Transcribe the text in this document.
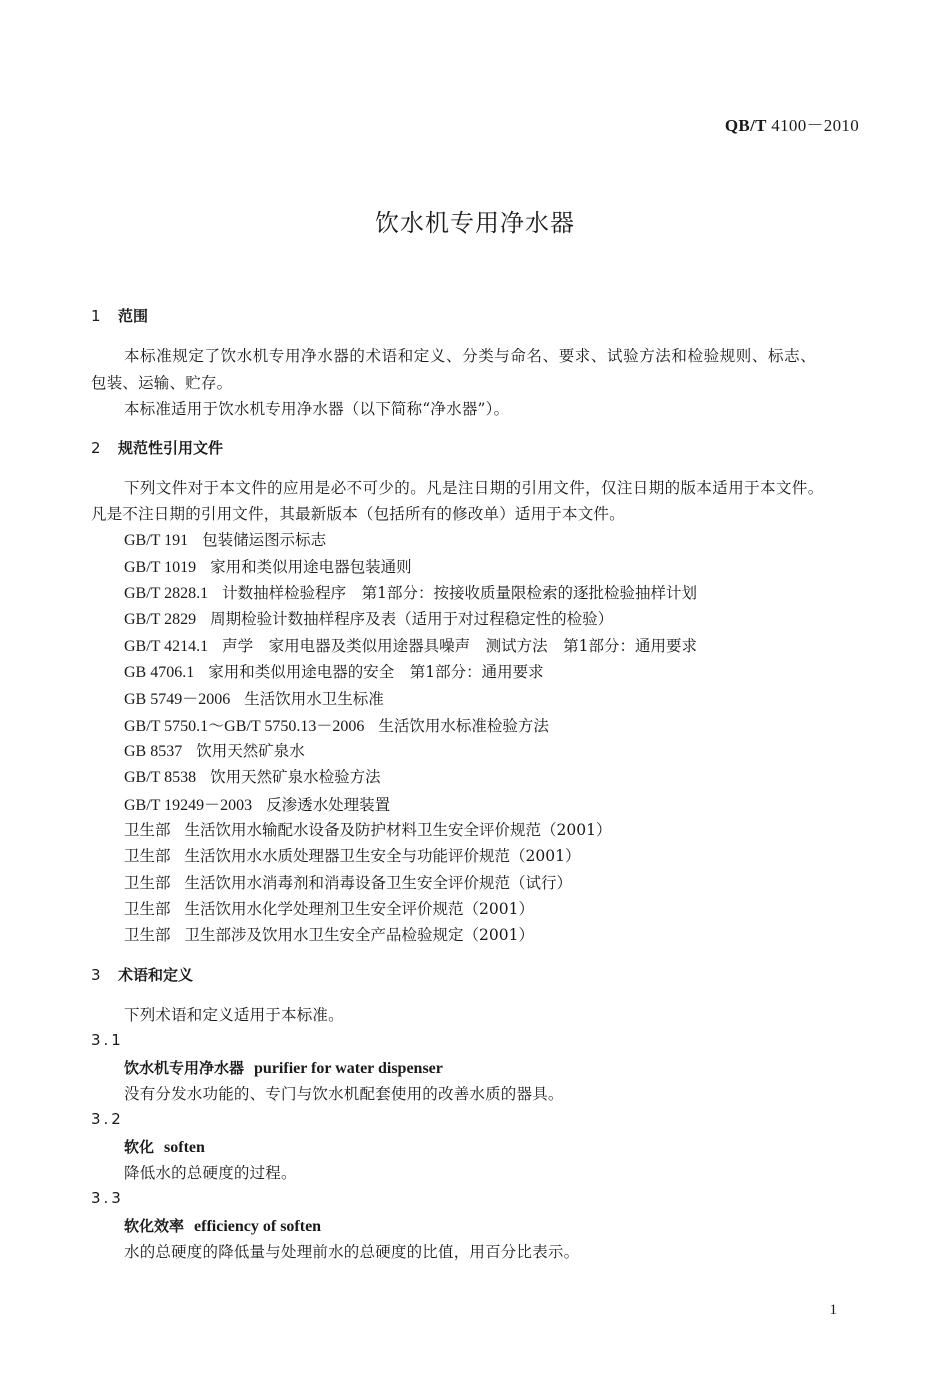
QB/T 4100－2010
饮水机专用净水器
1 范围
本标准规定了饮水机专用净水器的术语和定义、分类与命名、要求、试验方法和检验规则、标志、
包装、运输、贮存。
本标准适用于饮水机专用净水器（以下简称“净水器”）。
2 规范性引用文件
下列文件对于本文件的应用是必不可少的。凡是注日期的引用文件，仅注日期的版本适用于本文件。
凡是不注日期的引用文件，其最新版本（包括所有的修改单）适用于本文件。
GB/T 191 包装储运图示标志
GB/T 1019 家用和类似用途电器包装通则
GB/T 2828.1 计数抽样检验程序　第1部分：按接收质量限检索的逐批检验抽样计划
GB/T 2829 周期检验计数抽样程序及表（适用于对过程稳定性的检验）
GB/T 4214.1 声学　家用电器及类似用途器具噪声　测试方法　第1部分：通用要求
GB 4706.1 家用和类似用途电器的安全　第1部分：通用要求
GB 5749－2006 生活饮用水卫生标准
GB/T 5750.1～GB/T 5750.13－2006 生活饮用水标准检验方法
GB 8537 饮用天然矿泉水
GB/T 8538 饮用天然矿泉水检验方法
GB/T 19249－2003 反渗透水处理装置
卫生部 生活饮用水输配水设备及防护材料卫生安全评价规范（2001）
卫生部 生活饮用水水质处理器卫生安全与功能评价规范（2001）
卫生部 生活饮用水消毒剂和消毒设备卫生安全评价规范（试行）
卫生部 生活饮用水化学处理剂卫生安全评价规范（2001）
卫生部 卫生部涉及饮用水卫生安全产品检验规定（2001）
3 术语和定义
下列术语和定义适用于本标准。
3.1
饮水机专用净水器 purifier for water dispenser
没有分发水功能的、专门与饮水机配套使用的改善水质的器具。
3.2
软化 soften
降低水的总硬度的过程。
3.3
软化效率 efficiency of soften
水的总硬度的降低量与处理前水的总硬度的比值，用百分比表示。
1
